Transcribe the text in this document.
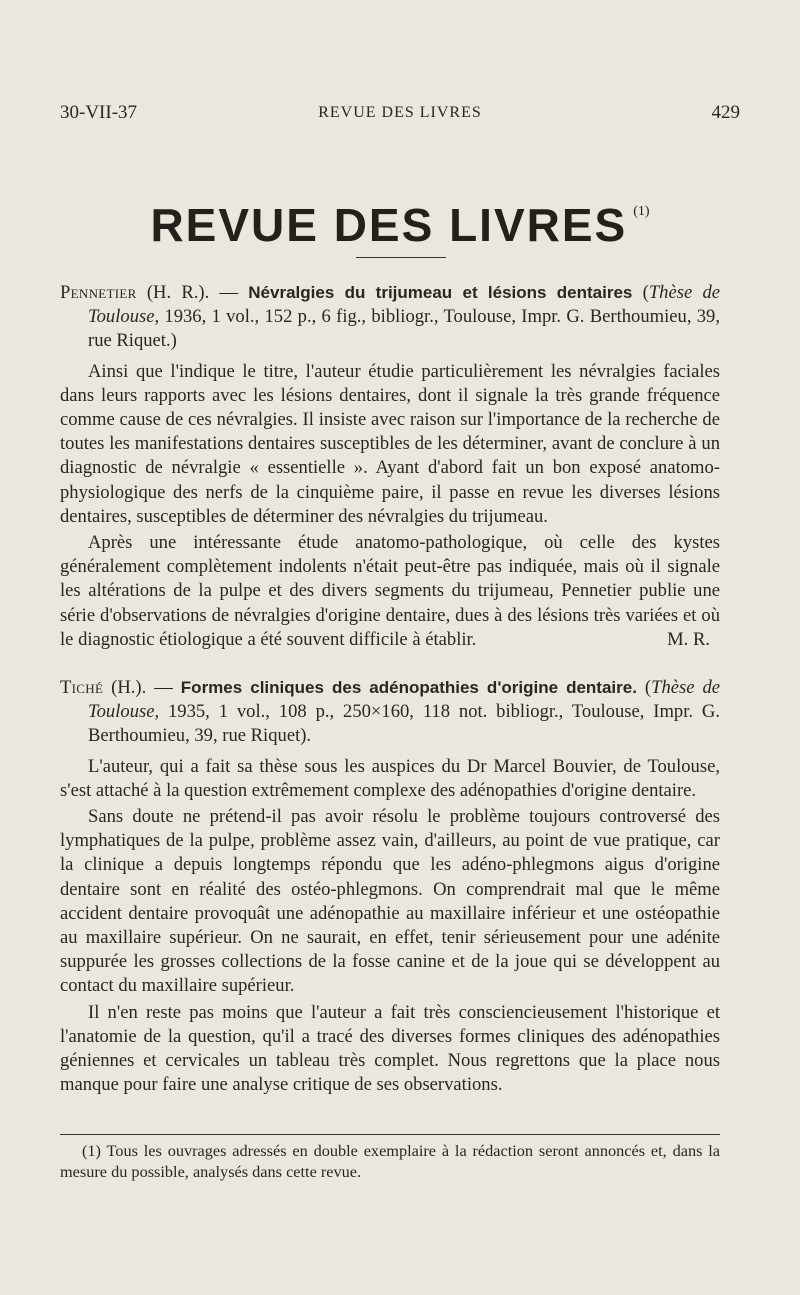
30-VII-37	REVUE DES LIVRES	429
REVUE DES LIVRES $^{(1)}$

Pennetier (H. R.). — Névralgies du trijumeau et lésions dentaires (Thèse de Toulouse, 1936, 1 vol., 152 p., 6 fig., bibliogr., Toulouse, Impr. G. Berthoumieu, 39, rue Riquet.)

Ainsi que l'indique le titre, l'auteur étudie particulièrement les névralgies faciales dans leurs rapports avec les lésions dentaires, dont il signale la très grande fréquence comme cause de ces névralgies. Il insiste avec raison sur l'importance de la recherche de toutes les manifestations dentaires susceptibles de les déterminer, avant de conclure à un diagnostic de névralgie « essentielle ». Ayant d'abord fait un bon exposé anatomo-physiologique des nerfs de la cinquième paire, il passe en revue les diverses lésions dentaires, susceptibles de déterminer des névralgies du trijumeau.

Après une intéressante étude anatomo-pathologique, où celle des kystes généralement complètement indolents n'était peut-être pas indiquée, mais où il signale les altérations de la pulpe et des divers segments du trijumeau, Pennetier publie une série d'observations de névralgies d'origine dentaire, dues à des lésions très variées et où le diagnostic étiologique a été souvent difficile à établir.	M. R.

Tiché (H.). — Formes cliniques des adénopathies d'origine dentaire. (Thèse de Toulouse, 1935, 1 vol., 108 p., 250×160, 118 not. bibliogr., Toulouse, Impr. G. Berthoumieu, 39, rue Riquet).

L'auteur, qui a fait sa thèse sous les auspices du Dr Marcel Bouvier, de Toulouse, s'est attaché à la question extrêmement complexe des adénopathies d'origine dentaire.

Sans doute ne prétend-il pas avoir résolu le problème toujours controversé des lymphatiques de la pulpe, problème assez vain, d'ailleurs, au point de vue pratique, car la clinique a depuis longtemps répondu que les adéno-phlegmons aigus d'origine dentaire sont en réalité des ostéo-phlegmons. On comprendrait mal que le même accident dentaire provoquât une adénopathie au maxillaire inférieur et une ostéopathie au maxillaire supérieur. On ne saurait, en effet, tenir sérieusement pour une adénite suppurée les grosses collections de la fosse canine et de la joue qui se développent au contact du maxillaire supérieur.

Il n'en reste pas moins que l'auteur a fait très consciencieusement l'historique et l'anatomie de la question, qu'il a tracé des diverses formes cliniques des adénopathies géniennes et cervicales un tableau très complet. Nous regrettons que la place nous manque pour faire une analyse critique de ses observations.

(1) Tous les ouvrages adressés en double exemplaire à la rédaction seront annoncés et, dans la mesure du possible, analysés dans cette revue.
